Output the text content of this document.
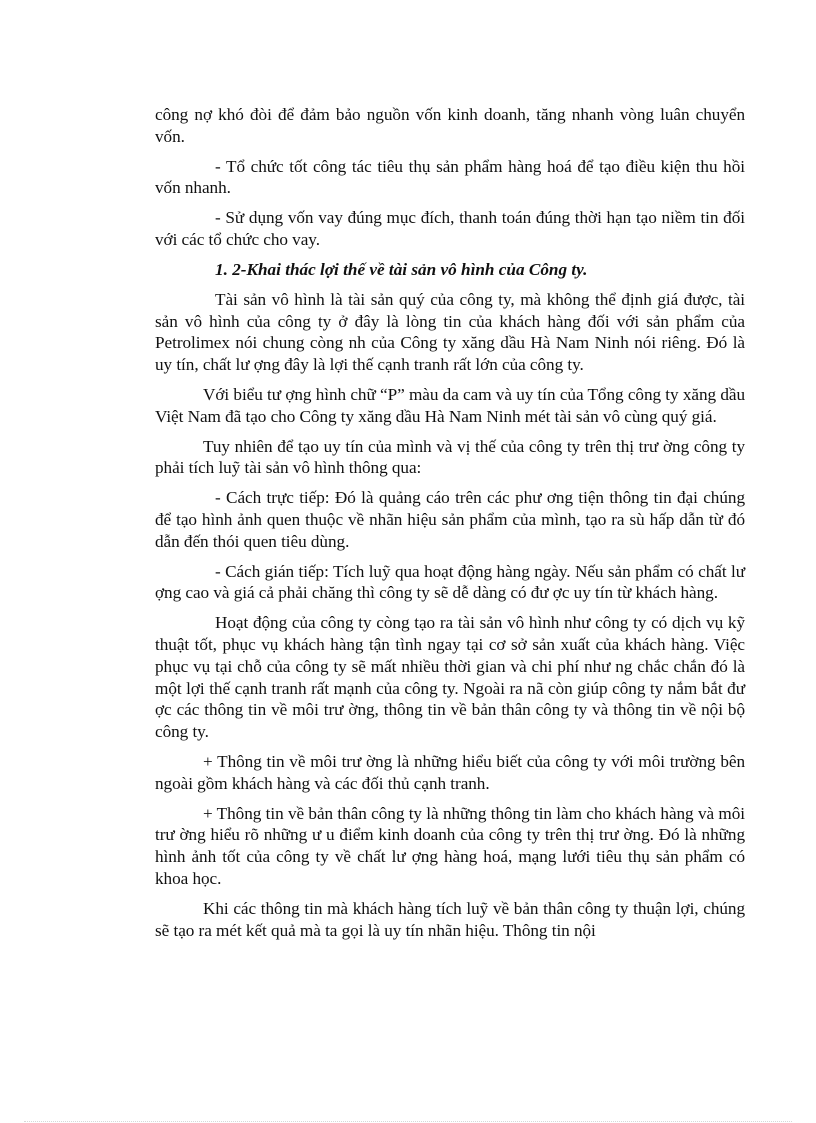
công nợ khó đòi để đảm bảo nguồn vốn kinh doanh, tăng nhanh vòng luân chuyển vốn.

- Tổ chức tốt công tác tiêu thụ sản phẩm hàng hoá để tạo điều kiện thu hồi vốn nhanh.

- Sử dụng vốn vay đúng mục đích, thanh toán đúng thời hạn tạo niềm tin đối với các tổ chức cho vay.

1. 2-Khai thác lợi thế về tài sản vô hình của Công ty.

Tài sản vô hình là tài sản quý của công ty, mà không thể định giá được, tài sản vô hình của công ty ở đây là lòng tin của khách hàng đối với sản phẩm của Petrolimex nói chung còng nh của Công ty xăng dầu Hà Nam Ninh nói riêng. Đó là uy tín, chất lư ợng đây là lợi thế cạnh tranh rất lớn của công ty.

Với biểu tư ợng hình chữ “P” màu da cam và uy tín của Tổng công ty xăng dầu Việt Nam đã tạo cho Công ty xăng dầu Hà Nam Ninh mét tài sản vô cùng quý giá.

Tuy nhiên để tạo uy tín của mình và vị thế của công ty trên thị trư ờng công ty phải tích luỹ tài sản vô hình thông qua:

- Cách trực tiếp: Đó là quảng cáo trên các phư ơng tiện thông tin đại chúng để tạo hình ảnh quen thuộc về nhãn hiệu sản phẩm của mình, tạo ra sù hấp dẫn từ đó dẫn đến thói quen tiêu dùng.

- Cách gián tiếp: Tích luỹ qua hoạt động hàng ngày. Nếu sản phẩm có chất lư ợng cao và giá cả phải chăng thì công ty sẽ dễ dàng có đư ợc uy tín từ khách hàng.

Hoạt động của công ty còng tạo ra tài sản vô hình như công ty có dịch vụ kỹ thuật tốt, phục vụ khách hàng tận tình ngay tại cơ sở sản xuất của khách hàng. Việc phục vụ tại chỗ của công ty sẽ mất nhiều thời gian và chi phí như ng chắc chắn đó là một lợi thế cạnh tranh rất mạnh của công ty. Ngoài ra nã còn giúp công ty nắm bắt đư ợc các thông tin về môi trư ờng, thông tin về bản thân công ty và thông tin về nội bộ công ty.

+ Thông tin về môi trư ờng là những hiểu biết của công ty với môi trường bên ngoài gồm khách hàng và các đối thủ cạnh tranh.

+ Thông tin về bản thân công ty là những thông tin làm cho khách hàng và môi trư ờng hiểu rõ những ư u điểm kinh doanh của công ty trên thị trư ờng. Đó là những hình ảnh tốt của công ty về chất lư ợng hàng hoá, mạng lưới tiêu thụ sản phẩm có khoa học.

Khi các thông tin mà khách hàng tích luỹ về bản thân công ty thuận lợi, chúng sẽ tạo ra mét kết quả mà ta gọi là uy tín nhãn hiệu. Thông tin nội
